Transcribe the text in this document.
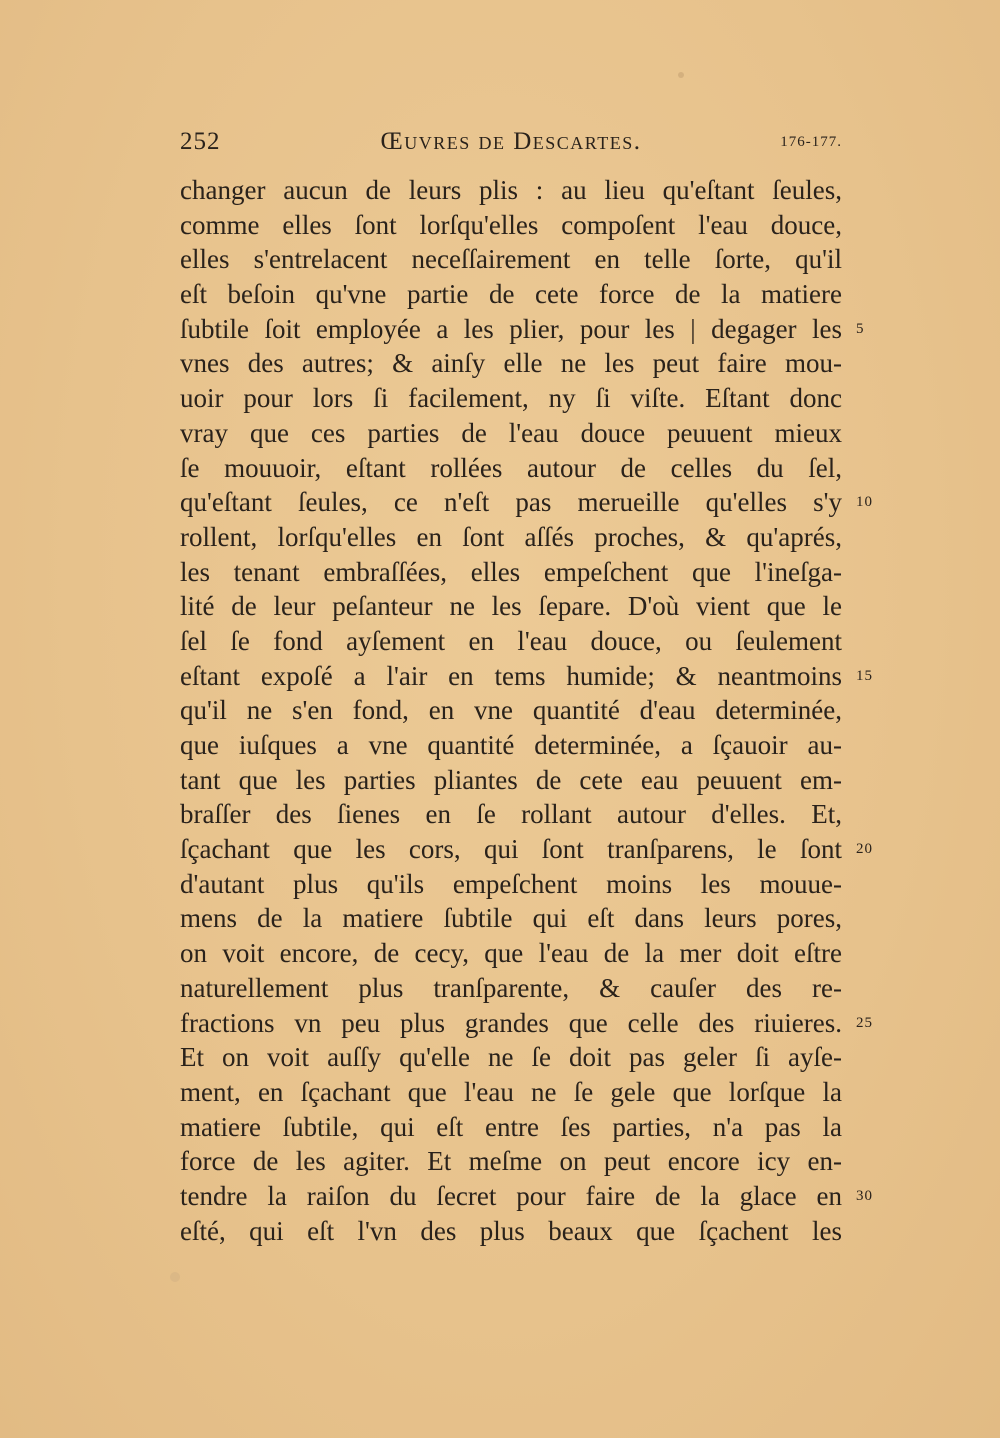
252	Œuvres de Descartes.	176-177.
changer aucun de leurs plis : au lieu qu'eſtant ſeules,
comme elles ſont lorſqu'elles compoſent l'eau douce,
elles s'entrelacent neceſſairement en telle ſorte, qu'il
eſt beſoin qu'vne partie de cete force de la matiere
ſubtile ſoit employée a les plier, pour les | degager les 5
vnes des autres; & ainſy elle ne les peut faire mou-
uoir pour lors ſi facilement, ny ſi viſte. Eſtant donc
vray que ces parties de l'eau douce peuuent mieux
ſe mouuoir, eſtant rollées autour de celles du ſel,
qu'eſtant ſeules, ce n'eſt pas merueille qu'elles s'y 10
rollent, lorſqu'elles en ſont aſſés proches, & qu'aprés,
les tenant embraſſées, elles empeſchent que l'ineſga-
lité de leur peſanteur ne les ſepare. D'où vient que le
ſel ſe fond ayſement en l'eau douce, ou ſeulement
eſtant expoſé a l'air en tems humide; & neantmoins 15
qu'il ne s'en fond, en vne quantité d'eau determinée,
que iuſques a vne quantité determinée, a ſçauoir au-
tant que les parties pliantes de cete eau peuuent em-
braſſer des ſienes en ſe rollant autour d'elles. Et,
ſçachant que les cors, qui ſont tranſparens, le ſont 20
d'autant plus qu'ils empeſchent moins les mouue-
mens de la matiere ſubtile qui eſt dans leurs pores,
on voit encore, de cecy, que l'eau de la mer doit eſtre
naturellement plus tranſparente, & cauſer des re-
fractions vn peu plus grandes que celle des riuieres. 25
Et on voit auſſy qu'elle ne ſe doit pas geler ſi ayſe-
ment, en ſçachant que l'eau ne ſe gele que lorſque la
matiere ſubtile, qui eſt entre ſes parties, n'a pas la
force de les agiter. Et meſme on peut encore icy en-
tendre la raiſon du ſecret pour faire de la glace en 30
eſté, qui eſt l'vn des plus beaux que ſçachent les
